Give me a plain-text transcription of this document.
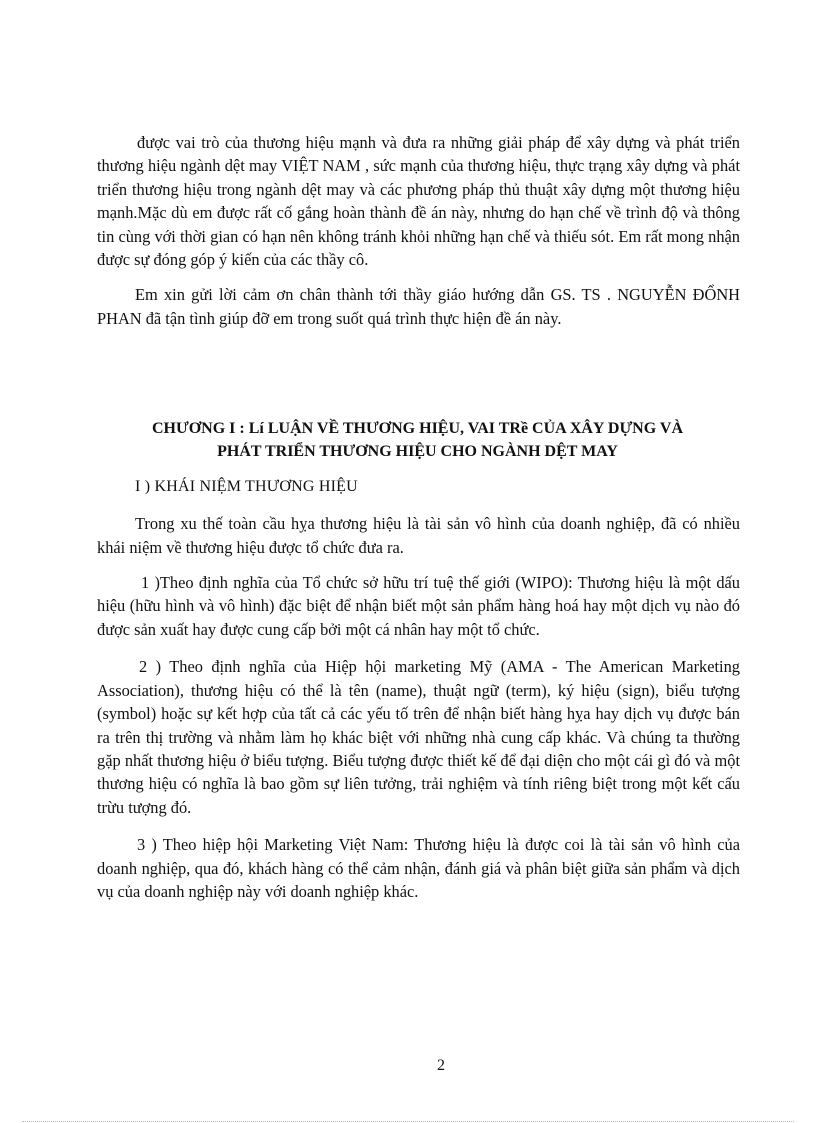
được vai trò của thương hiệu mạnh và đưa ra những giải pháp để xây dựng và phát triển thương hiệu ngành dệt may VIỆT NAM , sức mạnh của thương hiệu, thực trạng xây dựng và phát triển thương hiệu trong ngành dệt may và các phương pháp thủ thuật xây dựng một thương hiệu mạnh.Mặc dù em được rất cố gắng hoàn thành đề án này, nhưng do hạn chế về trình độ và thông tin cùng với thời gian có hạn nên không tránh khỏi những hạn chế và thiếu sót. Em rất mong nhận được sự đóng góp ý kiến của các thầy cô.

Em xin gửi lời cảm ơn chân thành tới thầy giáo hướng dẫn GS. TS . NGUYỄN ĐỔNH PHAN đã tận tình giúp đỡ em trong suốt quá trình thực hiện đề án này.

CHƯƠNG I : Lí LUẬN VỀ THƯƠNG HIỆU, VAI TRề CỦA XÂY DỰNG VÀ
PHÁT TRIỂN THƯƠNG HIỆU CHO NGÀNH DỆT MAY
I ) KHÁI NIỆM THƯƠNG HIỆU

Trong xu thế toàn cầu hỵa thương hiệu là tài sản vô hình của doanh nghiệp, đã có nhiều khái niệm về thương hiệu được tổ chức đưa ra.

1 )Theo định nghĩa của Tổ chức sở hữu trí tuệ thế giới (WIPO): Thương hiệu là một dấu hiệu (hữu hình và vô hình) đặc biệt để nhận biết một sản phẩm hàng hoá hay một dịch vụ nào đó được sản xuất hay được cung cấp bởi một cá nhân hay một tổ chức.

2 ) Theo định nghĩa của Hiệp hội marketing Mỹ (AMA - The American Marketing Association), thương hiệu có thể là tên (name), thuật ngữ (term), ký hiệu (sign), biểu tượng (symbol) hoặc sự kết hợp của tất cả các yếu tố trên để nhận biết hàng hỵa hay dịch vụ được bán ra trên thị trường và nhằm làm họ khác biệt với những nhà cung cấp khác. Và chúng ta thường gặp nhất thương hiệu ở biểu tượng. Biểu tượng được thiết kế để đại diện cho một cái gì đó và một thương hiệu có nghĩa là bao gồm sự liên tưởng, trải nghiệm và tính riêng biệt trong một kết cấu trừu tượng đó.

3 ) Theo hiệp hội Marketing Việt Nam: Thương hiệu là được coi là tài sản vô hình của doanh nghiệp, qua đó, khách hàng có thể cảm nhận, đánh giá và phân biệt giữa sản phẩm và dịch vụ của doanh nghiệp này với doanh nghiệp khác.

2
